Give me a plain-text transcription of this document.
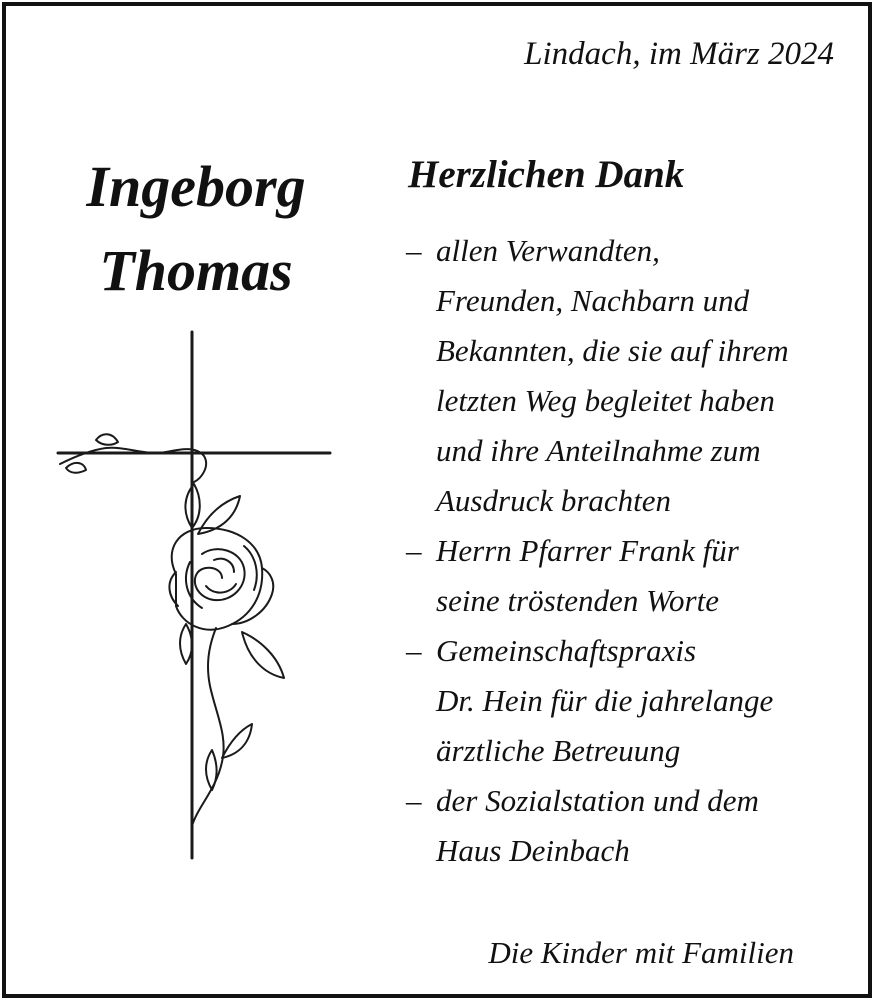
Lindach, im März 2024
Ingeborg
Thomas
Herzlichen Dank
– allen Verwandten,
Freunden, Nachbarn und
Bekannten, die sie auf ihrem
letzten Weg begleitet haben
und ihre Anteilnahme zum
Ausdruck brachten
– Herrn Pfarrer Frank für
seine tröstenden Worte
– Gemeinschaftspraxis
Dr. Hein für die jahrelange
ärztliche Betreuung
– der Sozialstation und dem
Haus Deinbach
Die Kinder mit Familien
